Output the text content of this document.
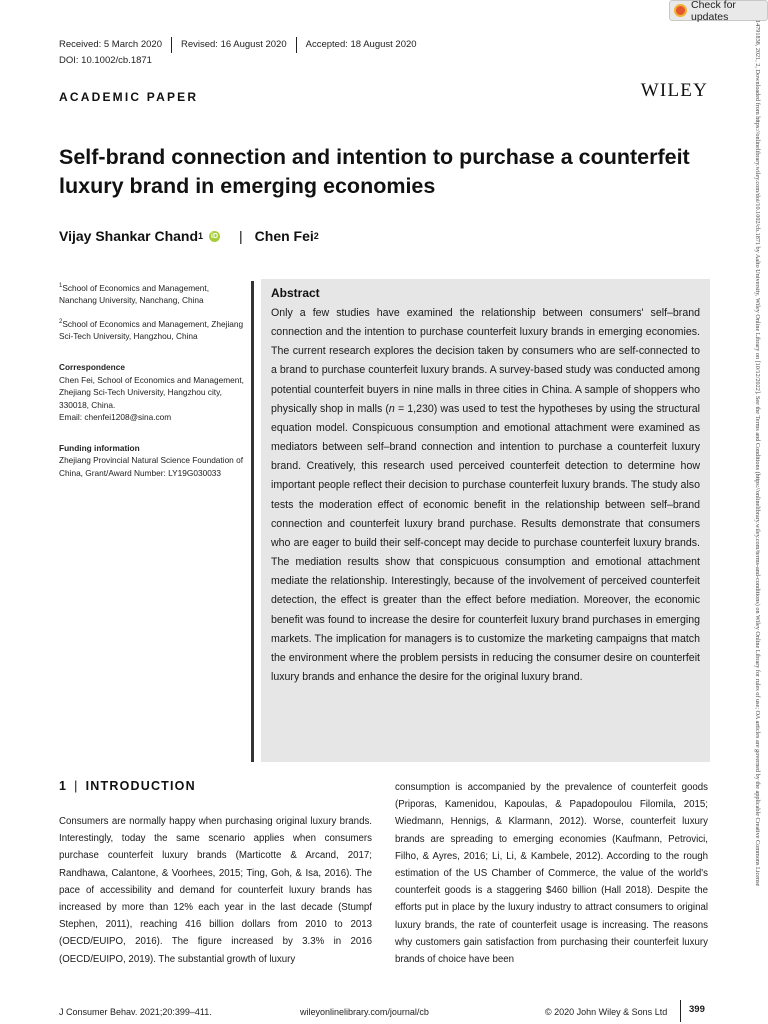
Check for updates
Received: 5 March 2020	Revised: 16 August 2020	Accepted: 18 August 2020
DOI: 10.1002/cb.1871
ACADEMIC PAPER	WILEY
Self-brand connection and intention to purchase a counterfeit luxury brand in emerging economies
Vijay Shankar Chand 1 iD | Chen Fei 2
$^1$School of Economics and Management, Nanchang University, Nanchang, China
$^2$School of Economics and Management, Zhejiang Sci-Tech University, Hangzhou, China
Correspondence
Chen Fei, School of Economics and Management, Zhejiang Sci-Tech University, Hangzhou city, 330018, China.
Email: chenfei1208@sina.com
Funding information
Zhejiang Provincial Natural Science Foundation of China, Grant/Award Number: LY19G030033
Abstract

Only a few studies have examined the relationship between consumers' self–brand connection and the intention to purchase counterfeit luxury brands in emerging economies. The current research explores the decision taken by consumers who are self-connected to a brand to purchase counterfeit luxury brands. A survey-based study was conducted among potential counterfeit buyers in nine malls in three cities in China. A sample of shoppers who physically shop in malls (n = 1,230) was used to test the hypotheses by using the structural equation model. Conspicuous consumption and emotional attachment were examined as mediators between self–brand connection and intention to purchase a counterfeit luxury brand. Creatively, this research used perceived counterfeit detection to determine how important people reflect their decision to purchase counterfeit luxury brands. The study also tests the moderation effect of economic benefit in the relationship between self–brand connection and counterfeit luxury brand purchase. Results demonstrate that consumers who are eager to build their self-concept may decide to purchase counterfeit luxury brands. The mediation results show that conspicuous consumption and emotional attachment mediate the relationship. Interestingly, because of the involvement of perceived counterfeit detection, the effect is greater than the effect before mediation. Moreover, the economic benefit was found to increase the desire for counterfeit luxury brand purchases in emerging markets. The implication for managers is to customize the marketing campaigns that match the environment where the problem persists in reducing the consumer desire on counterfeit luxury brands and enhance the desire for the original luxury brand.

1 | INTRODUCTION

Consumers are normally happy when purchasing original luxury brands. Interestingly, today the same scenario applies when consumers purchase counterfeit luxury brands (Marticotte & Arcand, 2017; Randhawa, Calantone, & Voorhees, 2015; Ting, Goh, & Isa, 2016). The pace of accessibility and demand for counterfeit luxury brands has increased by more than 12% each year in the last decade (Stumpf Stephen, 2011), reaching 416 billion dollars from 2010 to 2013 (OECD/EUIPO, 2016). The figure increased by 3.3% in 2016 (OECD/EUIPO, 2019). The substantial growth of luxury

consumption is accompanied by the prevalence of counterfeit goods (Priporas, Kamenidou, Kapoulas, & Papadopoulou Filomila, 2015; Wiedmann, Hennigs, & Klarmann, 2012). Worse, counterfeit luxury brands are spreading to emerging economies (Kaufmann, Petrovici, Filho, & Ayres, 2016; Li, Li, & Kambele, 2012). According to the rough estimation of the US Chamber of Commerce, the value of the world's counterfeit goods is a staggering $460 billion (Hall 2018). Despite the efforts put in place by the luxury industry to attract consumers to original luxury brands, the rate of counterfeit usage is increasing. The reasons why customers gain satisfaction from purchasing their counterfeit luxury brands of choice have been

J Consumer Behav. 2021;20:399–411.	wileyonlinelibrary.com/journal/cb	© 2020 John Wiley & Sons Ltd	399
14791838, 2021, 2, Downloaded from https://onlinelibrary.wiley.com/doi/10.1002/cb.1871 by Aalto University, Wiley Online Library on [10/12/2022]. See the Terms and Conditions (https://onlinelibrary.wiley.com/terms-and-conditions) on Wiley Online Library for rules of use; OA articles are governed by the applicable Creative Commons License
